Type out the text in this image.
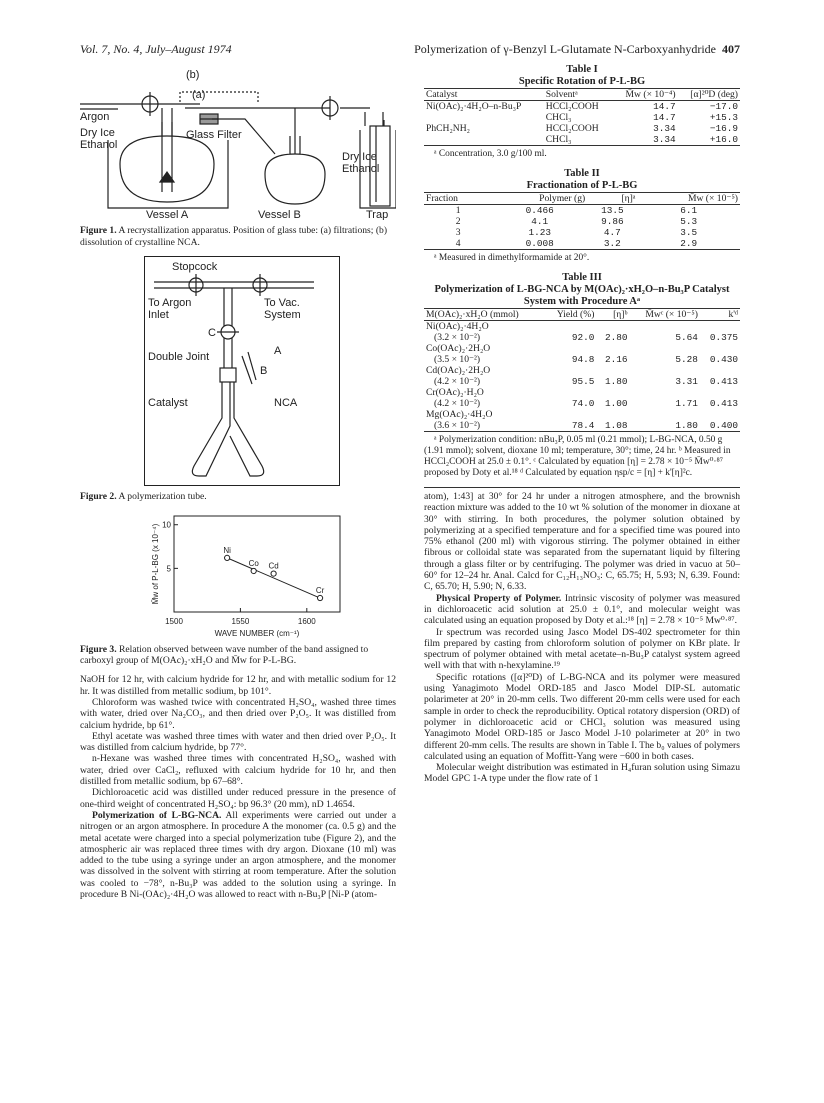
Vol. 7, No. 4, July–August 1974	Polymerization of γ-Benzyl L-Glutamate N-Carboxyanhydride 407
(b)
(a)
Argon
Dry Ice
Ethanol
Glass Filter
Dry Ice
Ethanol
Vessel A	Vessel B	Trap
Figure 1. A recrystallization apparatus. Position of glass tube: (a) filtrations; (b) dissolution of crystalline NCA.
Stopcock
To Argon
Inlet
To Vac.
System
C
Double Joint	A
B
Catalyst	NCA
Figure 2. A polymerization tube.
1500	1550	1600
5
10
WAVE NUMBER (cm⁻¹)
M̄w of P-L-BG (x 10⁻⁴)	Ni
Co Cd
Cr
Figure 3. Relation observed between wave number of the band assigned to carboxyl group of M(OAc)₂·xH₂O and M̄w for P-L-BG.

NaOH for 12 hr, with calcium hydride for 12 hr, and with metallic sodium for 12 hr. It was distilled from metallic sodium, bp 101°.

Chloroform was washed twice with concentrated H₂SO₄, washed three times with water, dried over Na₂CO₃, and then dried over P₂O₅. It was distilled from calcium hydride, bp 61°.

Ethyl acetate was washed three times with water and then dried over P₂O₅. It was distilled from calcium hydride, bp 77°.

n-Hexane was washed three times with concentrated H₂SO₄, washed with water, dried over CaCl₂, refluxed with calcium hydride for 10 hr, and then distilled from metallic sodium, bp 67–68°.

Dichloroacetic acid was distilled under reduced pressure in the presence of one-third weight of concentrated H₂SO₄: bp 96.3° (20 mm), nD 1.4654.

Polymerization of L-BG-NCA. All experiments were carried out under a nitrogen or an argon atmosphere. In procedure A the monomer (ca. 0.5 g) and the metal acetate were charged into a special polymerization tube (Figure 2), and the atmospheric air was replaced three times with dry argon. Dioxane (10 ml) was added to the tube using a syringe under an argon atmosphere, and the monomer was dissolved in the solvent with stirring at room temperature. After the solution was cooled to −78°, n-Bu₃P was added to the solution using a syringe. In procedure B Ni-(OAc)₂·4H₂O was allowed to react with n-Bu₃P [Ni-P (atom-

Table I
Specific Rotation of P-L-BG
Catalyst	Solventᵃ	M̄w (× 10⁻⁴)	[α]²⁰D (deg)
Ni(OAc)₂·4H₂O–n-Bu₃P	HCCl₂COOH	14.7	−17.0
	CHCl₃	14.7	+15.3
PhCH₂NH₂	HCCl₂COOH	3.34	−16.9
	CHCl₃	3.34	+16.0
ᵃ Concentration, 3.0 g/100 ml.
Table II
Fractionation of P-L-BG
Fraction	Polymer (g)	[η]ᵃ	M̄w (× 10⁻⁵)
1	0.466	13.5	6.1
2	4.1	9.86	5.3
3	1.23	4.7	3.5
4	0.008	3.2	2.9
ᵃ Measured in dimethylformamide at 20°.
Table III
Polymerization of L-BG-NCA by M(OAc)₂·xH₂O–n-Bu₃P Catalyst System with Procedure Aᵃ
M(OAc)₂·xH₂O (mmol)	Yield (%)	[η]ᵇ	M̄wᶜ (× 10⁻⁵)	k'ᵈ
Ni(OAc)₂·4H₂O				
(3.2 × 10⁻²)	92.0	2.80	5.64	0.375
Co(OAc)₂·2H₂O				
(3.5 × 10⁻²)	94.8	2.16	5.28	0.430
Cd(OAc)₂·2H₂O				
(4.2 × 10⁻²)	95.5	1.80	3.31	0.413
Cr(OAc)₂·H₂O				
(4.2 × 10⁻²)	74.0	1.00	1.71	0.413
Mg(OAc)₂·4H₂O				
(3.6 × 10⁻²)	78.4	1.08	1.80	0.400
ᵃ Polymerization condition: nBu₃P, 0.05 ml (0.21 mmol); L-BG-NCA, 0.50 g (1.91 mmol); solvent, dioxane 10 ml; temperature, 30°; time, 24 hr. ᵇ Measured in HCCl₂COOH at 25.0 ± 0.1°. ᶜ Calculated by equation [η] = 2.78 × 10⁻⁵ M̄w⁰·⁸⁷ proposed by Doty et al.¹⁸ ᵈ Calculated by equation ηsp/c = [η] + k'[η]²c.

atom), 1:43] at 30° for 24 hr under a nitrogen atmosphere, and the brownish reaction mixture was added to the 10 wt % solution of the monomer in dioxane at 30° with stirring. In both procedures, the polymer solution obtained by polymerizing at a specified temperature and for a specified time was poured into 75% ethanol (200 ml) with vigorous stirring. The polymer obtained in either fibrous or colloidal state was separated from the supernatant liquid by filtering through a glass filter or by centrifuging. The polymer was dried in vacuo at 50–60° for 12–24 hr. Anal. Calcd for C₁₂H₁₃NO₃: C, 65.75; H, 5.93; N, 6.39. Found: C, 65.70; H, 5.90; N, 6.33.

Physical Property of Polymer. Intrinsic viscosity of polymer was measured in dichloroacetic acid solution at 25.0 ± 0.1°, and molecular weight was calculated using an equation proposed by Doty et al.:¹⁸ [η] = 2.78 × 10⁻⁵ Mw⁰·⁸⁷.

Ir spectrum was recorded using Jasco Model DS-402 spectrometer for thin film prepared by casting from chloroform solution of polymer on KBr plate. Ir spectrum of polymer obtained with metal acetate–n-Bu₃P catalyst system agreed well with that with n-hexylamine.¹⁹

Specific rotations ([α]²⁰D) of L-BG-NCA and its polymer were measured using Yanagimoto Model ORD-185 and Jasco Model DIP-SL automatic polarimeter at 20° in 20-mm cells. Two different 20-mm cells were used for each sample in order to check the reproducibility. Optical rotatory dispersion (ORD) of polymer in dichloroacetic acid or CHCl₃ solution was measured using Yanagimoto Model ORD-185 or Jasco Model J-10 polarimeter at 20° in two different 20-mm cells. The results are shown in Table I. The b₀ values of polymers calculated using an equation of Moffitt-Yang were −600 in both cases.

Molecular weight distribution was estimated in H₄furan solution using Simazu Model GPC 1-A type under the flow rate of 1
